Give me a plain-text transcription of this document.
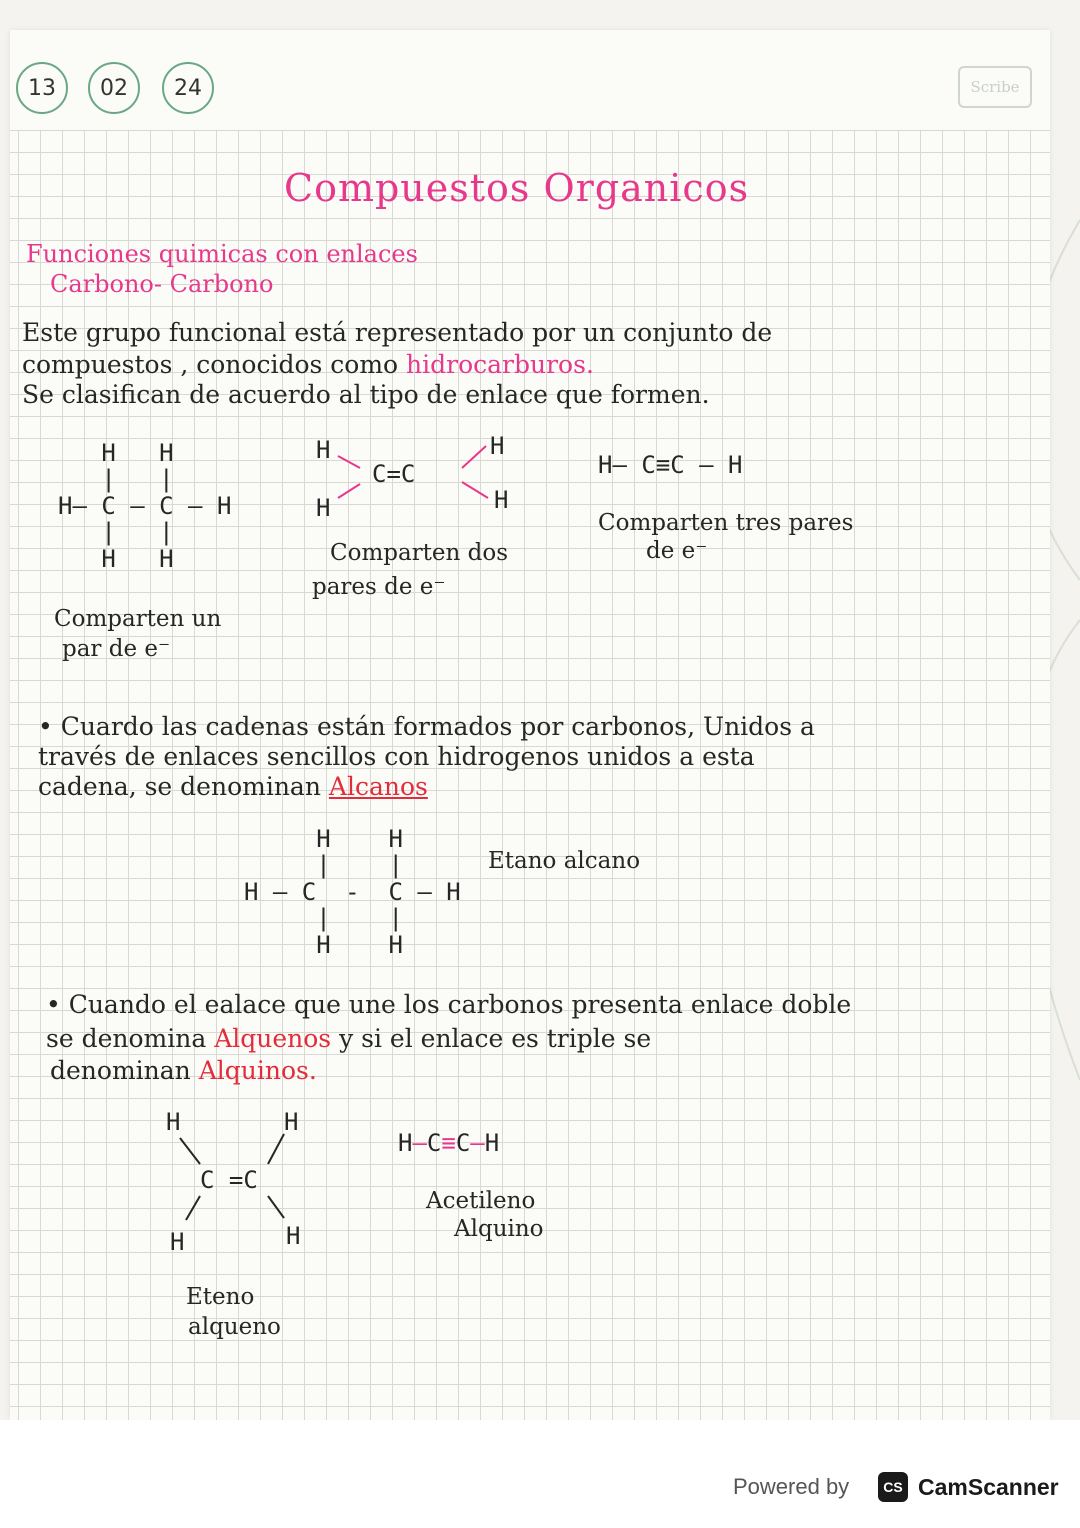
13	02	24	Scribe
Compuestos Organicos
Funciones quimicas con enlaces
Carbono- Carbono
Este grupo funcional está representado por un conjunto de
compuestos , conocidos como hidrocarburos.
Se clasifican de acuerdo al tipo de enlace que formen.
H   H
|   |
H— C — C — H
|   |
H   H
Comparten un
par de e⁻
H
H
C=C
H
H
Comparten dos
pares de e⁻
H— C≡C — H
Comparten tres pares
de e⁻
• Cuardo las cadenas están formados por carbonos, Unidos a
través de enlaces sencillos con hidrogenos unidos a esta
cadena, se denominan Alcanos
H    H
|    |
H — C  -  C — H
|    |
H    H
Etano alcano
• Cuando el ealace que une los carbonos presenta enlace doble
se denomina Alquenos y si el enlace es triple se
denominan Alquinos.
H	H
C =C
H	H
Eteno
alqueno
H—C≡C—H
Acetileno
Alquino
Powered by	CS CamScanner
